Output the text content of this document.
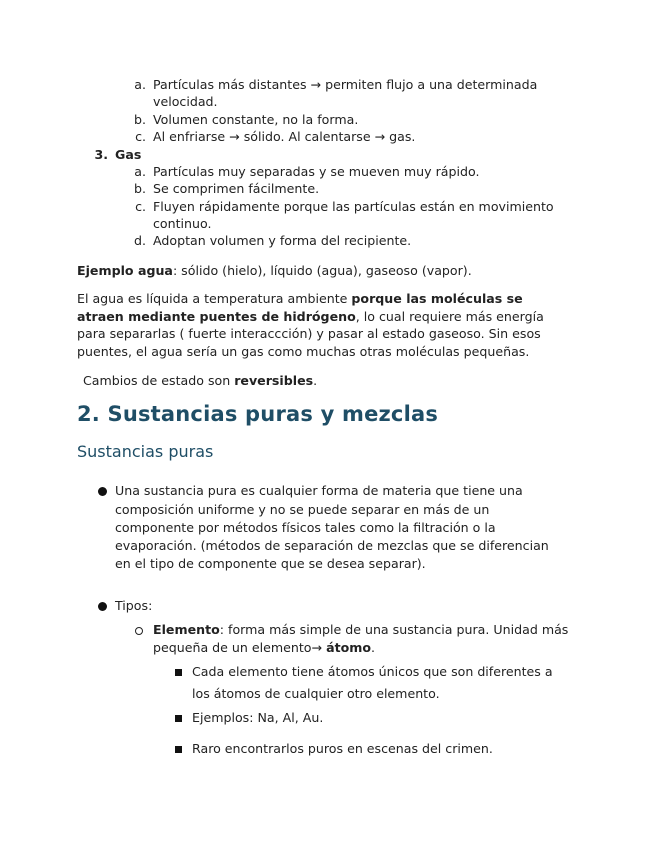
a. Partículas más distantes → permiten flujo a una determinada
velocidad.
b. Volumen constante, no la forma.
c. Al enfriarse → sólido. Al calentarse → gas.
3. Gas
a. Partículas muy separadas y se mueven muy rápido.
b. Se comprimen fácilmente.
c. Fluyen rápidamente porque las partículas están en movimiento
continuo.
d. Adoptan volumen y forma del recipiente.
Ejemplo agua: sólido (hielo), líquido (agua), gaseoso (vapor).
El agua es líquida a temperatura ambiente porque las moléculas se
atraen mediante puentes de hidrógeno, lo cual requiere más energía
para separarlas ( fuerte interaccción) y pasar al estado gaseoso. Sin esos
puentes, el agua sería un gas como muchas otras moléculas pequeñas.
Cambios de estado son reversibles.
2. Sustancias puras y mezclas
Sustancias puras
Una sustancia pura es cualquier forma de materia que tiene una
composición uniforme y no se puede separar en más de un
componente por métodos físicos tales como la filtración o la
evaporación. (métodos de separación de mezclas que se diferencian
en el tipo de componente que se desea separar).
Tipos:
Elemento: forma más simple de una sustancia pura. Unidad más
pequeña de un elemento→ átomo.
Cada elemento tiene átomos únicos que son diferentes a
los átomos de cualquier otro elemento.
Ejemplos: Na, Al, Au.
Raro encontrarlos puros en escenas del crimen.
